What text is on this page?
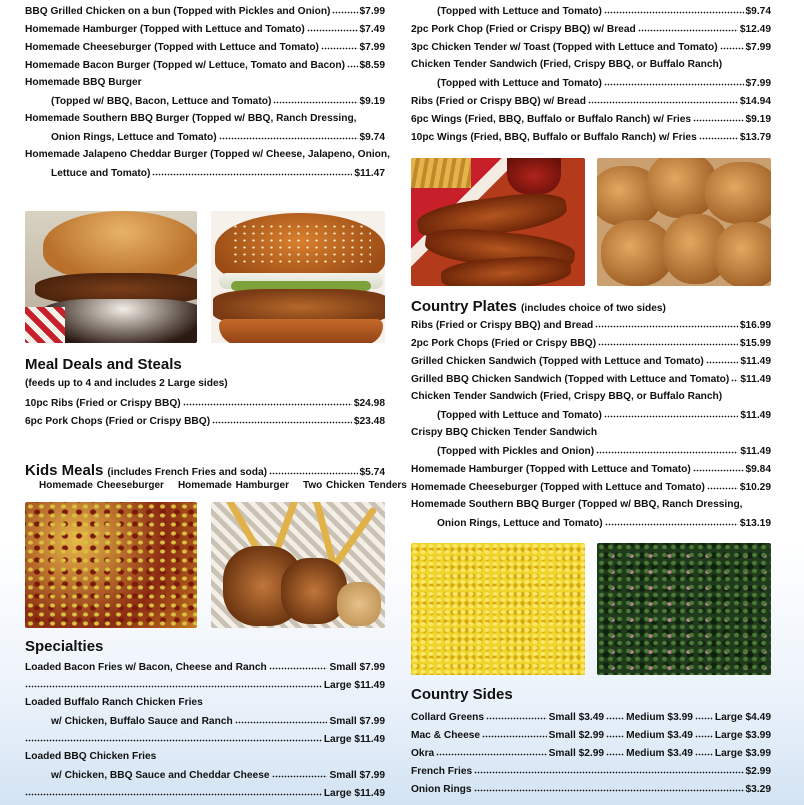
BBQ Grilled Chicken on a bun (Topped with Pickles and Onion)	$7.99
Homemade Hamburger (Topped with Lettuce and Tomato)	$7.49
Homemade Cheeseburger (Topped with Lettuce and Tomato)	$7.99
Homemade Bacon Burger (Topped w/ Lettuce, Tomato and Bacon) $8.59
Homemade BBQ Burger
(Topped w/ BBQ, Bacon, Lettuce and Tomato)	$9.19
Homemade Southern BBQ Burger (Topped w/ BBQ, Ranch Dressing,
Onion Rings, Lettuce and Tomato)	$9.74
Homemade Jalapeno Cheddar Burger (Topped w/ Cheese, Jalapeno, Onion,
Lettuce and Tomato)	$11.47
Meal Deals and Steals
(feeds up to 4 and includes 2 Large sides)
10pc Ribs (Fried or Crispy BBQ)	$24.98
6pc Pork Chops (Fried or Crispy BBQ)	$23.48
Kids Meals (includes French Fries and soda)	$5.74
Homemade Cheeseburger Homemade Hamburger Two Chicken Tenders
Specialties
Loaded Bacon Fries w/ Bacon, Cheese and Ranch	Small $7.99
Large $11.49
Loaded Buffalo Ranch Chicken Fries
w/ Chicken, Buffalo Sauce and Ranch	Small $7.99
Large $11.49
Loaded BBQ Chicken Fries
w/ Chicken, BBQ Sauce and Cheddar Cheese	Small $7.99
Large $11.49
(Topped with Lettuce and Tomato)	$9.74
2pc Pork Chop (Fried or Crispy BBQ) w/ Bread	$12.49
3pc Chicken Tender w/ Toast (Topped with Lettuce and Tomato)	$7.99
Chicken Tender Sandwich (Fried, Crispy BBQ, or Buffalo Ranch)
(Topped with Lettuce and Tomato)	$7.99
Ribs (Fried or Crispy BBQ) w/ Bread	$14.94
6pc Wings (Fried, BBQ, Buffalo or Buffalo Ranch) w/ Fries	$9.19
10pc Wings (Fried, BBQ, Buffalo or Buffalo Ranch) w/ Fries	$13.79
Country Plates (includes choice of two sides)
Ribs (Fried or Crispy BBQ) and Bread	$16.99
2pc Pork Chops (Fried or Crispy BBQ)	$15.99
Grilled Chicken Sandwich (Topped with Lettuce and Tomato)	$11.49
Grilled BBQ Chicken Sandwich (Topped with Lettuce and Tomato) $11.49
Chicken Tender Sandwich (Fried, Crispy BBQ, or Buffalo Ranch)
(Topped with Lettuce and Tomato)	$11.49
Crispy BBQ Chicken Tender Sandwich
(Topped with Pickles and Onion)	$11.49
Homemade Hamburger (Topped with Lettuce and Tomato)	$9.84
Homemade Cheeseburger (Topped with Lettuce and Tomato)	$10.29
Homemade Southern BBQ Burger (Topped w/ BBQ, Ranch Dressing,
Onion Rings, Lettuce and Tomato)	$13.19
Country Sides
Collard Greens	Small $3.49 Medium $3.99 Large $4.49
Mac & Cheese	Small $2.99 Medium $3.49 Large $3.99
Okra	Small $2.99 Medium $3.49 Large $3.99
French Fries	$2.99
Onion Rings	$3.29
